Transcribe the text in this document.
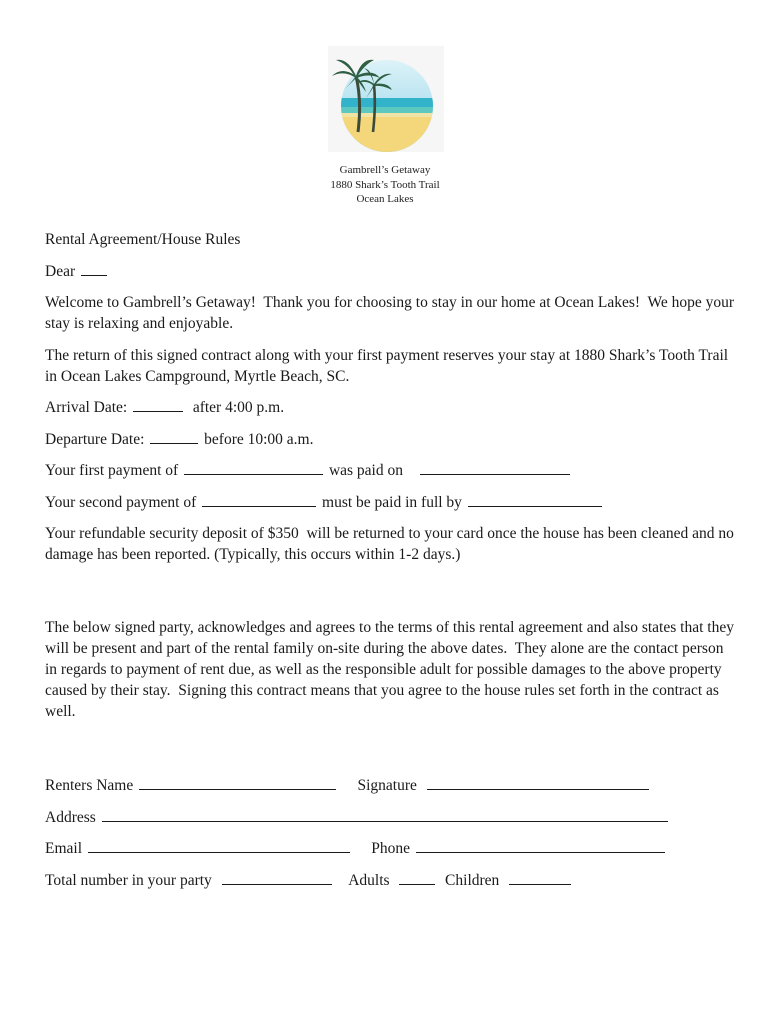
Gambrell’s Getaway
1880 Shark’s Tooth Trail
Ocean Lakes

Rental Agreement/House Rules

Dear

Welcome to Gambrell’s Getaway!  Thank you for choosing to stay in our home at Ocean Lakes!  We hope your stay is relaxing and enjoyable.

The return of this signed contract along with your first payment reserves your stay at 1880 Shark’s Tooth Trail in Ocean Lakes Campground, Myrtle Beach, SC.

Arrival Date:	after 4:00 p.m.

Departure Date:	before 10:00 a.m.

Your first payment of	was paid on

Your second payment of	must be paid in full by

Your refundable security deposit of $350  will be returned to your card once the house has been cleaned and no damage has been reported. (Typically, this occurs within 1-2 days.)

The below signed party, acknowledges and agrees to the terms of this rental agreement and also states that they will be present and part of the rental family on-site during the above dates.  They alone are the contact person in regards to payment of rent due, as well as the responsible adult for possible damages to the above property caused by their stay.  Signing this contract means that you agree to the house rules set forth in the contract as well.

Renters Name	Signature

Address

Email	Phone

Total number in your party	Adults	Children
